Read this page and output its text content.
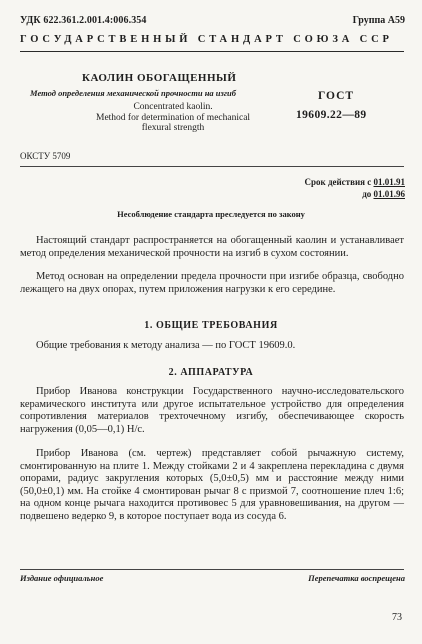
УДК 622.361.2.001.4:006.354	Группа А59
ГОСУДАРСТВЕННЫЙ СТАНДАРТ СОЮЗА ССР
КАОЛИН ОБОГАЩЕННЫЙ
Метод определения механической прочности на изгиб
Concentrated kaolin.
Method for determination of mechanical
flexural strength
ГОСТ
19609.22—89
ОКСТУ 5709
Срок действия с 01.01.91
до 01.01.96
Несоблюдение стандарта преследуется по закону

Настоящий стандарт распространяется на обогащенный каолин и устанавливает метод определения механической прочности на изгиб в сухом состоянии.

Метод основан на определении предела прочности при изгибе образца, свободно лежащего на двух опорах, путем приложения нагрузки к его середине.

1. ОБЩИЕ ТРЕБОВАНИЯ

Общие требования к методу анализа — по ГОСТ 19609.0.

2. АППАРАТУРА

Прибор Иванова конструкции Государственного научно-исследовательского керамического института или другое испытательное устройство для определения сопротивления материалов трехточечному изгибу, обеспечивающее скорость нагружения (0,05—0,1) Н/с.

Прибор Иванова (см. чертеж) представляет собой рычажную систему, смонтированную на плите 1. Между стойками 2 и 4 закреплена перекладина с двумя опорами, радиус закругления которых (5,0±0,5) мм и расстояние между ними (50,0±0,1) мм. На стойке 4 смонтирован рычаг 8 с призмой 7, соотношение плеч 1:6; на одном конце рычага находится противовес 5 для уравновешивания, на другом — подвешено ведерко 9, в которое поступает вода из сосуда 6.

Издание официальное	Перепечатка воспрещена
73
